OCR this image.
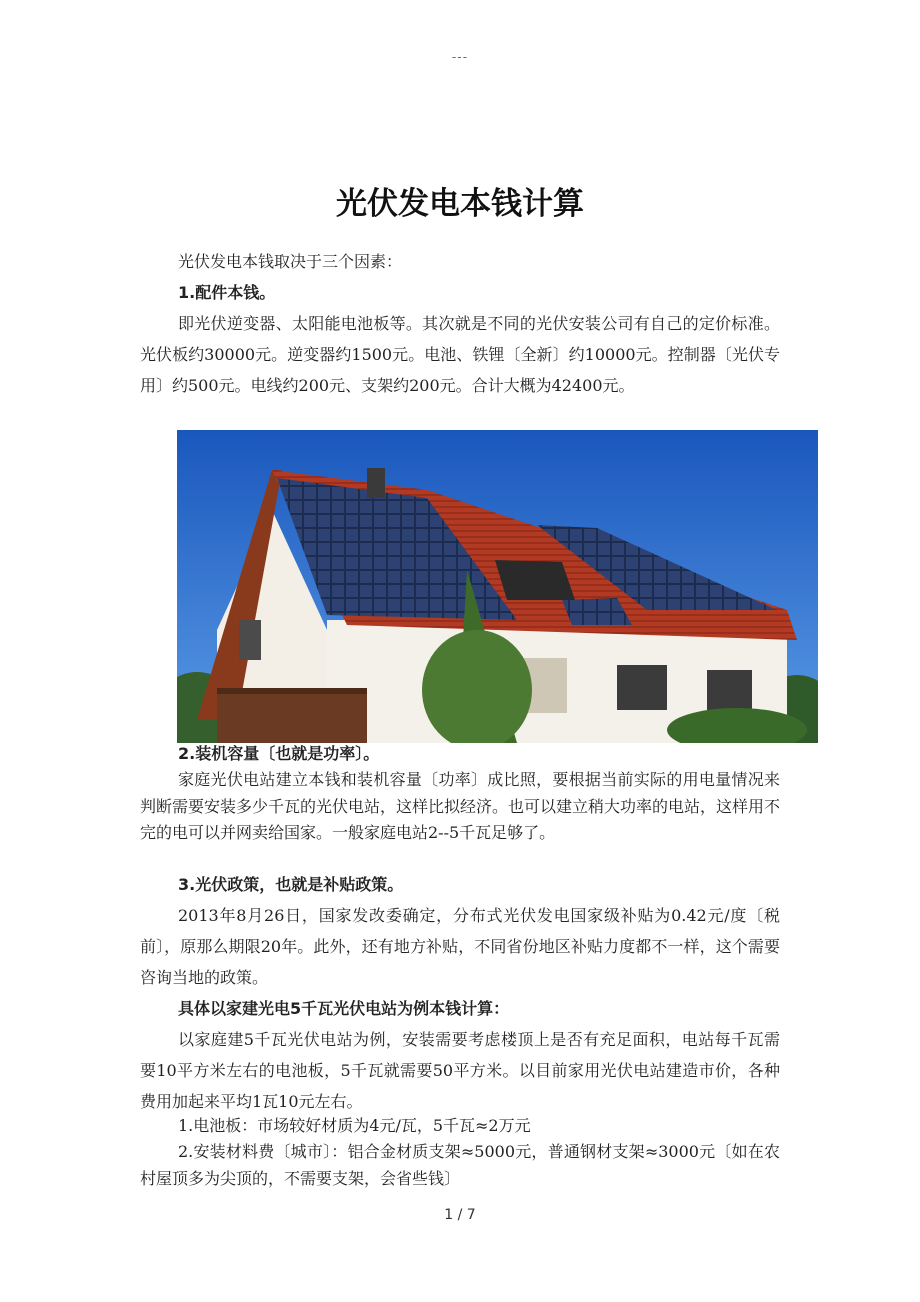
---
光伏发电本钱计算

光伏发电本钱取决于三个因素：

1.配件本钱。

即光伏逆变器、太阳能电池板等。其次就是不同的光伏安装公司有自己的定价标准。光伏板约30000元。逆变器约1500元。电池、铁锂〔全新〕约10000元。控制器〔光伏专用〕约500元。电线约200元、支架约200元。合计大概为42400元。

2.装机容量〔也就是功率〕。

家庭光伏电站建立本钱和装机容量〔功率〕成比照，要根据当前实际的用电量情况来判断需要安装多少千瓦的光伏电站，这样比拟经济。也可以建立稍大功率的电站，这样用不完的电可以并网卖给国家。一般家庭电站2--5千瓦足够了。

3.光伏政策，也就是补贴政策。

2013年8月26日，国家发改委确定，分布式光伏发电国家级补贴为0.42元/度〔税前〕，原那么期限20年。此外，还有地方补贴，不同省份地区补贴力度都不一样，这个需要咨询当地的政策。

具体以家建光电5千瓦光伏电站为例本钱计算：

以家庭建5千瓦光伏电站为例，安装需要考虑楼顶上是否有充足面积，电站每千瓦需要10平方米左右的电池板，5千瓦就需要50平方米。以目前家用光伏电站建造市价，各种费用加起来平均1瓦10元左右。

1.电池板：市场较好材质为4元/瓦，5千瓦≈2万元

2.安装材料费〔城市〕：铝合金材质支架≈5000元，普通钢材支架≈3000元〔如在农村屋顶多为尖顶的，不需要支架，会省些钱〕

1 / 7
